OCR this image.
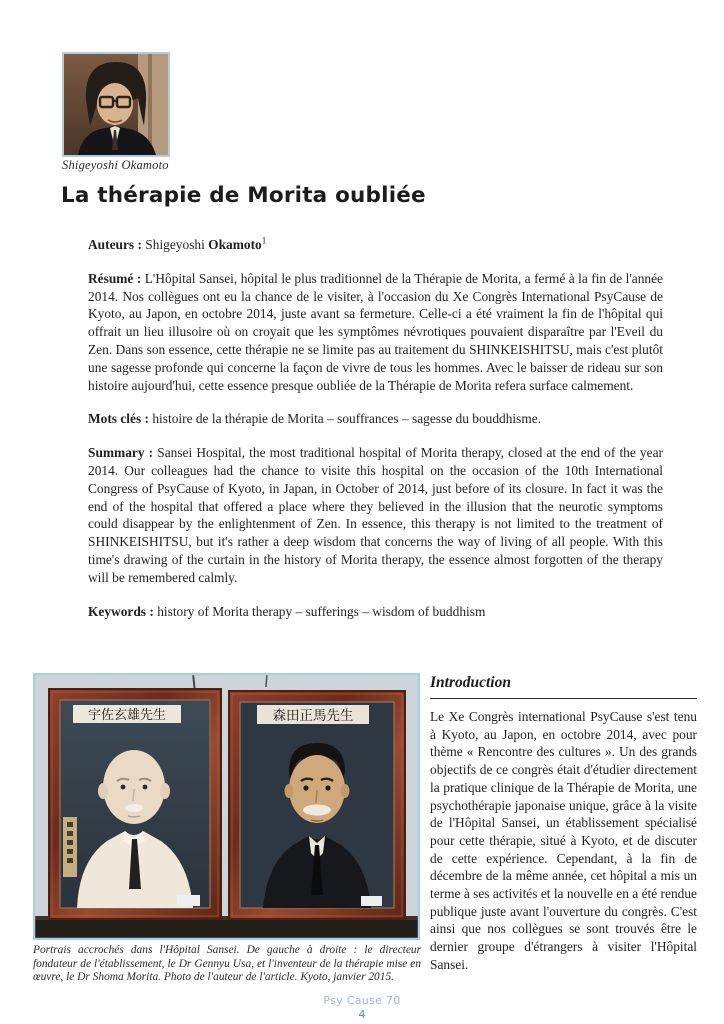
Shigeyoshi Okamoto
La thérapie de Morita oubliée

Auteurs : Shigeyoshi Okamoto$^1$

Résumé : L'Hôpital Sansei, hôpital le plus traditionnel de la Thérapie de Morita, a fermé à la fin de l'année 2014. Nos collègues ont eu la chance de le visiter, à l'occasion du Xe Congrès International PsyCause de Kyoto, au Japon, en octobre 2014, juste avant sa fermeture. Celle-ci a été vraiment la fin de l'hôpital qui offrait un lieu illusoire où on croyait que les symptômes névrotiques pouvaient disparaître par l'Eveil du Zen. Dans son essence, cette thérapie ne se limite pas au traitement du SHINKEISHITSU, mais c'est plutôt une sagesse profonde qui concerne la façon de vivre de tous les hommes. Avec le baisser de rideau sur son histoire aujourd'hui, cette essence presque oubliée de la Thérapie de Morita refera surface calmement.

Mots clés : histoire de la thérapie de Morita – souffrances – sagesse du bouddhisme.

Summary : Sansei Hospital, the most traditional hospital of Morita therapy, closed at the end of the year 2014. Our colleagues had the chance to visite this hospital on the occasion of the 10th International Congress of PsyCause of Kyoto, in Japan, in October of 2014, just before of its closure. In fact it was the end of the hospital that offered a place where they believed in the illusion that the neurotic symptoms could disappear by the enlightenment of Zen. In essence, this therapy is not limited to the treatment of SHINKEISHITSU, but it's rather a deep wisdom that concerns the way of living of all people. With this time's drawing of the curtain in the history of Morita therapy, the essence almost forgotten of the therapy will be remembered calmly.

Keywords : history of Morita therapy – sufferings – wisdom of buddhism

宇佐玄雄先生	森田正馬先生
Portrais accrochés dans l'Hôpital Sansei. De gauche à droite : le directeur fondateur de l'établissement, le Dr Gennyu Usa, et l'inventeur de la thérapie mise en œuvre, le Dr Shoma Morita. Photo de l'auteur de l'article. Kyoto, janvier 2015.
Introduction
Le Xe Congrès international PsyCause s'est tenu à Kyoto, au Japon, en octobre 2014, avec pour thème « Rencontre des cultures ». Un des grands objectifs de ce congrès était d'étudier directement la pratique clinique de la Thérapie de Morita, une psychothérapie japonaise unique, grâce à la visite de l'Hôpital Sansei, un établissement spécialisé pour cette thérapie, situé à Kyoto, et de discuter de cette expérience. Cependant, à la fin de décembre de la même année, cet hôpital a mis un terme à ses activités et la nouvelle en a été rendue publique juste avant l'ouverture du congrès. C'est ainsi que nos collègues se sont trouvés être le dernier groupe d'étrangers à visiter l'Hôpital Sansei.
Psy Cause 70
4
